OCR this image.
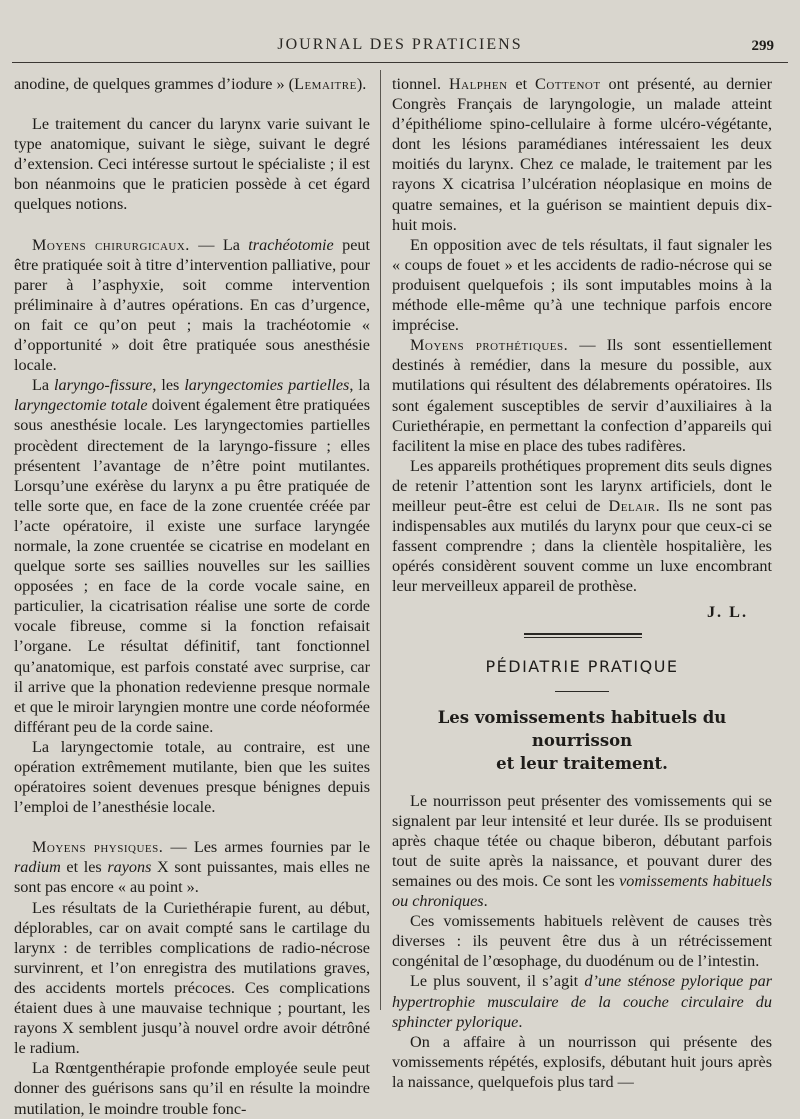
JOURNAL DES PRATICIENS	299

anodine, de quelques grammes d’iodure » (Lemaitre).

Le traitement du cancer du larynx varie suivant le type anatomique, suivant le siège, suivant le degré d’extension. Ceci intéresse surtout le spécialiste ; il est bon néanmoins que le praticien possède à cet égard quelques notions.

Moyens chirurgicaux. — La trachéotomie peut être pratiquée soit à titre d’intervention palliative, pour parer à l’asphyxie, soit comme intervention préliminaire à d’autres opérations. En cas d’urgence, on fait ce qu’on peut ; mais la trachéotomie « d’opportunité » doit être pratiquée sous anesthésie locale.

La laryngo-fissure, les laryngectomies partielles, la laryngectomie totale doivent également être pratiquées sous anesthésie locale. Les laryngectomies partielles procèdent directement de la laryngo-fissure ; elles présentent l’avantage de n’être point mutilantes. Lorsqu’une exérèse du larynx a pu être pratiquée de telle sorte que, en face de la zone cruentée créée par l’acte opératoire, il existe une surface laryngée normale, la zone cruentée se cicatrise en modelant en quelque sorte ses saillies nouvelles sur les saillies opposées ; en face de la corde vocale saine, en particulier, la cicatrisation réalise une sorte de corde vocale fibreuse, comme si la fonction refaisait l’organe. Le résultat définitif, tant fonctionnel qu’anatomique, est parfois constaté avec surprise, car il arrive que la phonation redevienne presque normale et que le miroir laryngien montre une corde néoformée différant peu de la corde saine.

La laryngectomie totale, au contraire, est une opération extrêmement mutilante, bien que les suites opératoires soient devenues presque bénignes depuis l’emploi de l’anesthésie locale.

Moyens physiques. — Les armes fournies par le radium et les rayons X sont puissantes, mais elles ne sont pas encore « au point ».

Les résultats de la Curiethérapie furent, au début, déplorables, car on avait compté sans le cartilage du larynx : de terribles complications de radio-nécrose survinrent, et l’on enregistra des mutilations graves, des accidents mortels précoces. Ces complications étaient dues à une mauvaise technique ; pourtant, les rayons X semblent jusqu’à nouvel ordre avoir détrôné le radium.

La Rœntgenthérapie profonde employée seule peut donner des guérisons sans qu’il en résulte la moindre mutilation, le moindre trouble fonc-

tionnel. Halphen et Cottenot ont présenté, au dernier Congrès Français de laryngologie, un malade atteint d’épithéliome spino-cellulaire à forme ulcéro-végétante, dont les lésions paramédianes intéressaient les deux moitiés du larynx. Chez ce malade, le traitement par les rayons X cicatrisa l’ulcération néoplasique en moins de quatre semaines, et la guérison se maintient depuis dix-huit mois.

En opposition avec de tels résultats, il faut signaler les « coups de fouet » et les accidents de radio-nécrose qui se produisent quelquefois ; ils sont imputables moins à la méthode elle-même qu’à une technique parfois encore imprécise.

Moyens prothétiques. — Ils sont essentiellement destinés à remédier, dans la mesure du possible, aux mutilations qui résultent des délabrements opératoires. Ils sont également susceptibles de servir d’auxiliaires à la Curiethérapie, en permettant la confection d’appareils qui facilitent la mise en place des tubes radifères.

Les appareils prothétiques proprement dits seuls dignes de retenir l’attention sont les larynx artificiels, dont le meilleur peut-être est celui de Delair. Ils ne sont pas indispensables aux mutilés du larynx pour que ceux-ci se fassent comprendre ; dans la clientèle hospitalière, les opérés considèrent souvent comme un luxe encombrant leur merveilleux appareil de prothèse.

J. L.
PÉDIATRIE PRATIQUE
Les vomissements habituels du nourrisson
et leur traitement.

Le nourrisson peut présenter des vomissements qui se signalent par leur intensité et leur durée. Ils se produisent après chaque tétée ou chaque biberon, débutant parfois tout de suite après la naissance, et pouvant durer des semaines ou des mois. Ce sont les vomissements habituels ou chroniques.

Ces vomissements habituels relèvent de causes très diverses : ils peuvent être dus à un rétrécissement congénital de l’œsophage, du duodénum ou de l’intestin.

Le plus souvent, il s’agit d’une sténose pylorique par hypertrophie musculaire de la couche circulaire du sphincter pylorique.

On a affaire à un nourrisson qui présente des vomissements répétés, explosifs, débutant huit jours après la naissance, quelquefois plus tard —
